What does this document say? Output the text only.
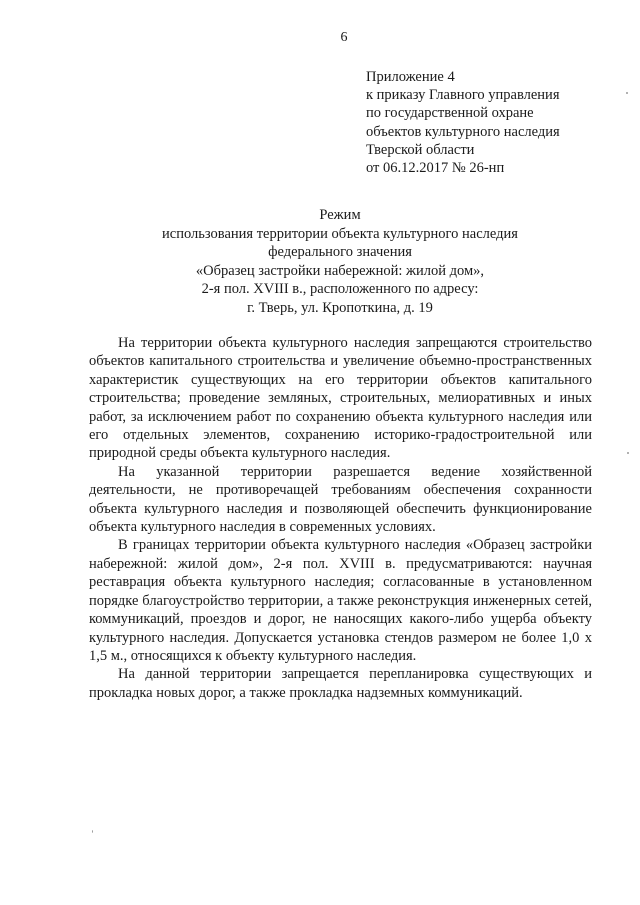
6
Приложение 4
к приказу Главного управления
по государственной охране
объектов культурного наследия
Тверской области
от 06.12.2017 № 26-нп
Режим
использования территории объекта культурного наследия
федерального значения
«Образец застройки набережной: жилой дом»,
2-я пол. XVIII в., расположенного по адресу:
г. Тверь, ул. Кропоткина, д. 19

На территории объекта культурного наследия запрещаются строительство объектов капитального строительства и увеличение объемно-пространственных характеристик существующих на его территории объектов капитального строительства; проведение земляных, строительных, мелиоративных и иных работ, за исключением работ по сохранению объекта культурного наследия или его отдельных элементов, сохранению историко-градостроительной или природной среды объекта культурного наследия.

На указанной территории разрешается ведение хозяйственной деятельности, не противоречащей требованиям обеспечения сохранности объекта культурного наследия и позволяющей обеспечить функционирование объекта культурного наследия в современных условиях.

В границах территории объекта культурного наследия «Образец застройки набережной: жилой дом», 2-я пол. XVIII в. предусматриваются: научная реставрация объекта культурного наследия; согласованные в установленном порядке благоустройство территории, а также реконструкция инженерных сетей, коммуникаций, проездов и дорог, не наносящих какого-либо ущерба объекту культурного наследия. Допускается установка стендов размером не более 1,0 x 1,5 м., относящихся к объекту культурного наследия.

На данной территории запрещается перепланировка существующих и прокладка новых дорог, а также прокладка надземных коммуникаций.
